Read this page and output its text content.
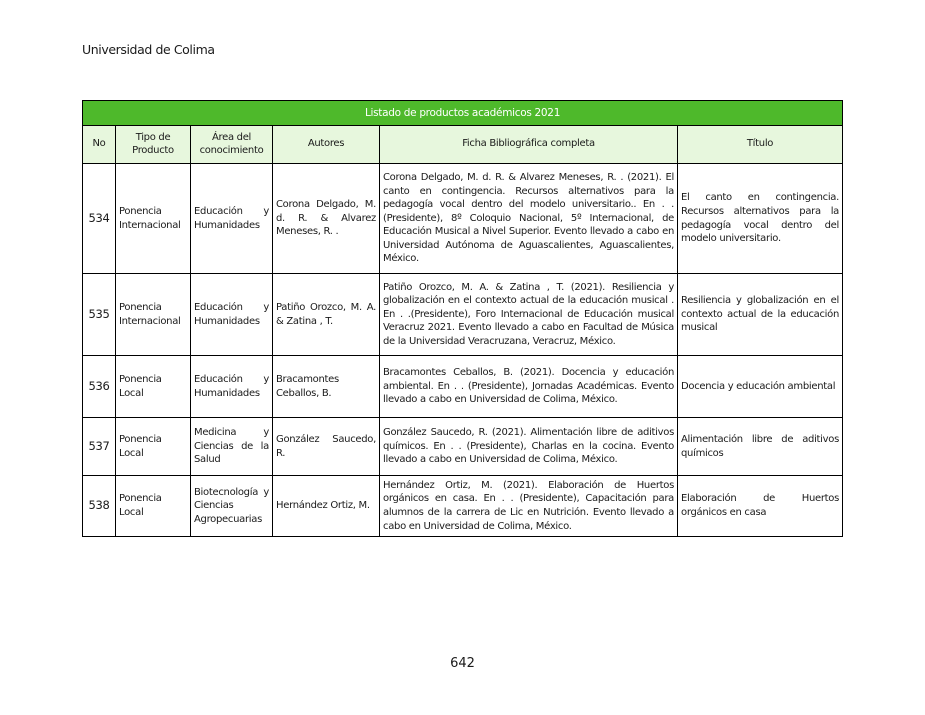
Universidad de Colima
Listado de productos académicos 2021					
No	Tipo de Producto	Área del conocimiento	Autores	Ficha Bibliográfica completa	Título
534	Ponencia Internacional	Educación y Humanidades	Corona Delgado, M. d. R. & Alvarez Meneses, R. .	Corona Delgado, M. d. R. & Alvarez Meneses, R. . (2021). El canto en contingencia. Recursos alternativos para la pedagogía vocal dentro del modelo universitario.. En . . (Presidente), 8º Coloquio Nacional, 5º Internacional, de Educación Musical a Nivel Superior. Evento llevado a cabo en Universidad Autónoma de Aguascalientes, Aguascalientes, México.	El canto en contingencia. Recursos alternativos para la pedagogía vocal dentro del modelo universitario.
535	Ponencia Internacional	Educación y Humanidades	Patiño Orozco, M. A. & Zatina , T.	Patiño Orozco, M. A. & Zatina , T. (2021). Resiliencia y globalización en el contexto actual de la educación musical . En . .(Presidente), Foro Internacional de Educación musical Veracruz 2021. Evento llevado a cabo en Facultad de Música de la Universidad Veracruzana, Veracruz, México.	Resiliencia y globalización en el contexto actual de la educación musical
536	Ponencia Local	Educación y Humanidades	Bracamontes Ceballos, B.	Bracamontes Ceballos, B. (2021). Docencia y educación ambiental. En . . (Presidente), Jornadas Académicas. Evento llevado a cabo en Universidad de Colima, México.	Docencia y educación ambiental
537	Ponencia Local	Medicina y Ciencias de la Salud	González Saucedo, R.	González Saucedo, R. (2021). Alimentación libre de aditivos químicos. En . . (Presidente), Charlas en la cocina. Evento llevado a cabo en Universidad de Colima, México.	Alimentación libre de aditivos químicos
538	Ponencia Local	Biotecnología y Ciencias Agropecuarias	Hernández Ortiz, M.	Hernández Ortiz, M. (2021). Elaboración de Huertos orgánicos en casa. En . . (Presidente), Capacitación para alumnos de la carrera de Lic en Nutrición. Evento llevado a cabo en Universidad de Colima, México.	Elaboración de Huertos orgánicos en casa
642
